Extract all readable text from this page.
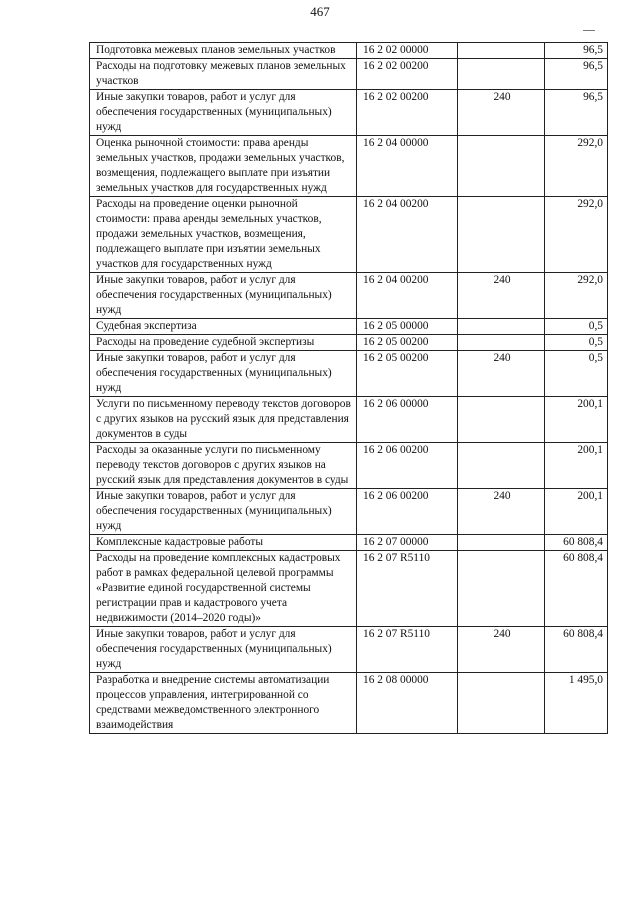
467
Подготовка межевых планов земельных участков	16 2 02 00000		96,5
Расходы на подготовку межевых планов земельных участков	16 2 02 00200		96,5
Иные закупки товаров, работ и услуг для обеспечения государственных (муниципальных) нужд	16 2 02 00200	240	96,5
Оценка рыночной стоимости: права аренды земельных участков, продажи земельных участков, возмещения, подлежащего выплате при изъятии земельных участков для государственных нужд	16 2 04 00000		292,0
Расходы на проведение оценки рыночной стоимости: права аренды земельных участков, продажи земельных участков, возмещения, подлежащего выплате при изъятии земельных участков для государственных нужд	16 2 04 00200		292,0
Иные закупки товаров, работ и услуг для обеспечения государственных (муниципальных) нужд	16 2 04 00200	240	292,0
Судебная экспертиза	16 2 05 00000		0,5
Расходы на проведение судебной экспертизы	16 2 05 00200		0,5
Иные закупки товаров, работ и услуг для обеспечения государственных (муниципальных) нужд	16 2 05 00200	240	0,5
Услуги по письменному переводу текстов договоров с других языков на русский язык для представления документов в суды	16 2 06 00000		200,1
Расходы за оказанные услуги по письменному переводу текстов договоров с других языков на русский язык для представления документов в суды	16 2 06 00200		200,1
Иные закупки товаров, работ и услуг для обеспечения государственных (муниципальных) нужд	16 2 06 00200	240	200,1
Комплексные кадастровые работы	16 2 07 00000		60 808,4
Расходы на проведение комплексных кадастровых работ в рамках федеральной целевой программы «Развитие единой государственной системы регистрации прав и кадастрового учета недвижимости (2014–2020 годы)»	16 2 07 R5110		60 808,4
Иные закупки товаров, работ и услуг для обеспечения государственных (муниципальных) нужд	16 2 07 R5110	240	60 808,4
Разработка и внедрение системы автоматизации процессов управления, интегрированной со средствами межведомственного электронного взаимодействия	16 2 08 00000		1 495,0
